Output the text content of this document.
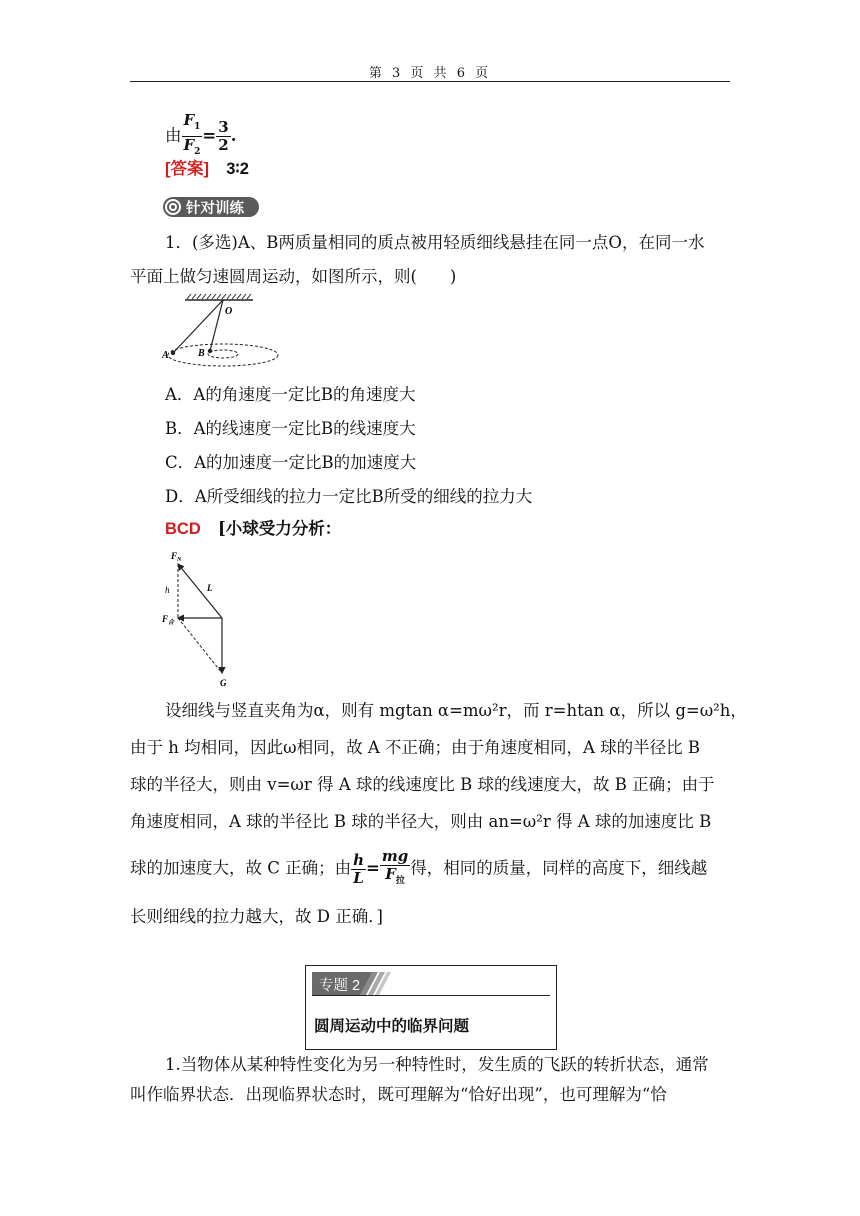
第 3 页 共 6 页
由 $\frac{F_1}{F_2} = \frac{3}{2}$ .
[答案] 3∶2
针对训练
1．(多选)A、B两质量相同的质点被用轻质细线悬挂在同一点O，在同一水
平面上做匀速圆周运动，如图所示，则(　　)
O
A	B
A．A的角速度一定比B的角速度大
B．A的线速度一定比B的线速度大
C．A的加速度一定比B的加速度大
D．A所受细线的拉力一定比B所受的细线的拉力大
BCD [小球受力分析：
$F_N$
h	L
$F_合$
G
设细线与竖直夹角为α，则有 mgtan α=mω²r，而 r=htan α，所以 g=ω²h，
由于 h 均相同，因此ω相同，故 A 不正确；由于角速度相同，A 球的半径比 B
球的半径大，则由 v=ωr 得 A 球的线速度比 B 球的线速度大，故 B 正确；由于
角速度相同，A 球的半径比 B 球的半径大，则由 an=ω²r 得 A 球的加速度比 B
球的加速度大，故 C 正确；由 $\frac{h}{L} = \frac{mg}{F_拉}$ 得，相同的质量，同样的高度下，细线越
长则细线的拉力越大，故 D 正确．]
专题 2
圆周运动中的临界问题
1.当物体从某种特性变化为另一种特性时，发生质的飞跃的转折状态，通常
叫作临界状态．出现临界状态时，既可理解为“恰好出现”，也可理解为“恰
